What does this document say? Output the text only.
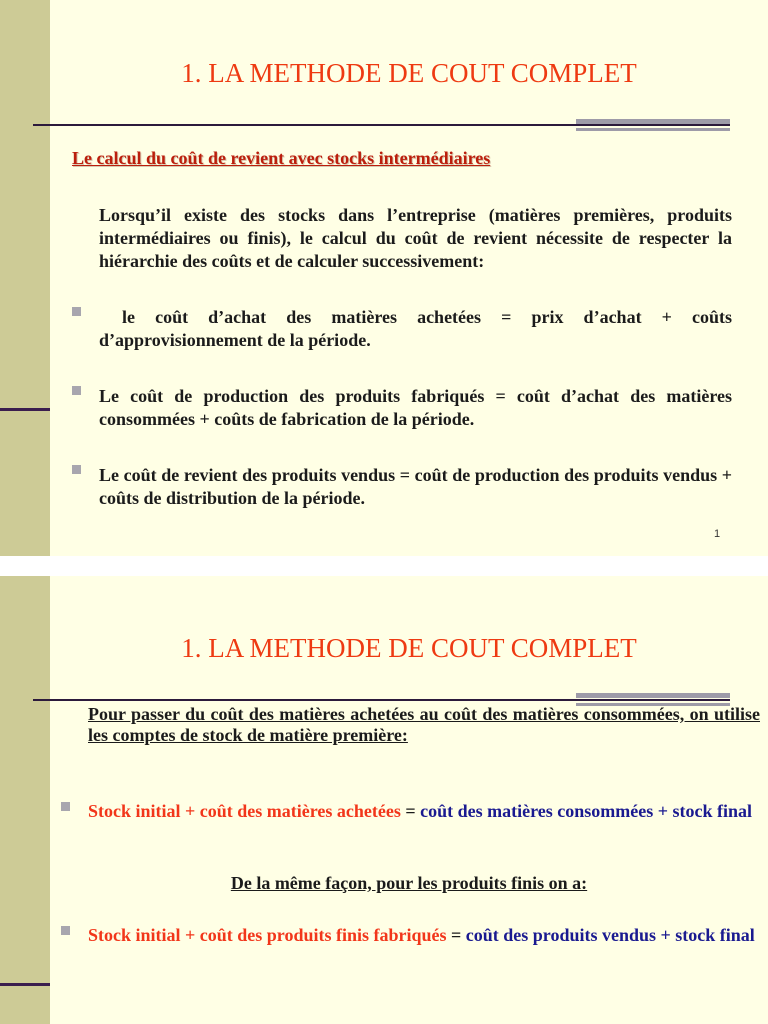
1. LA METHODE DE COUT COMPLET

Le calcul du coût de revient avec stocks intermédiaires

Lorsqu’il existe des stocks dans l’entreprise (matières premières, produits intermédiaires ou finis), le calcul du coût de revient nécessite de respecter la hiérarchie des coûts et de calculer successivement:

le coût d’achat des matières achetées = prix d’achat + coûts d’approvisionnement de la période.
Le coût de production des produits fabriqués = coût d’achat des matières consommées + coûts de fabrication de la période.
Le coût de revient des produits vendus = coût de production des produits vendus + coûts de distribution de la période.
1
1. LA METHODE DE COUT COMPLET

Pour passer du coût des matières achetées au coût des matières consommées, on utilise les comptes de stock de matière première:

Stock initial + coût des matières achetées = coût des matières consommées + stock final

De la même façon, pour les produits finis on a:

Stock initial + coût des produits finis fabriqués = coût des produits vendus + stock final
